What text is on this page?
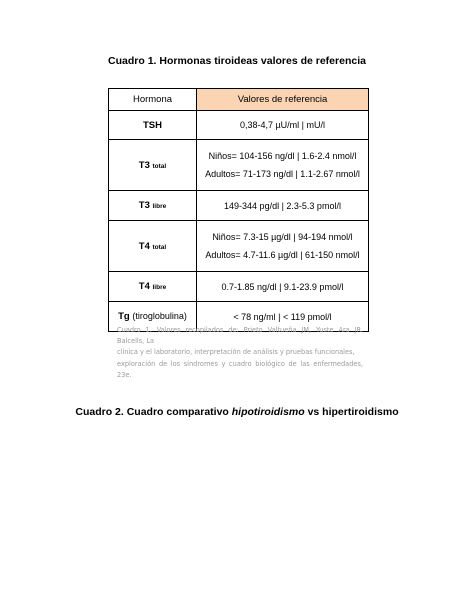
Cuadro 1. Hormonas tiroideas valores de referencia
Hormona	Valores de referencia
TSH	0,38-4,7 µU/ml | mU/l

T3 total	Niños= 104-156 ng/dl | 1.6-2.4 nmol/l
Adultos= 71-173 ng/dl | 1.1-2.67 nmol/l

T3 libre	149-344 pg/dl | 2.3-5.3 pmol/l

T4 total	Niños= 7.3-15 µg/dl | 94-194 nmol/l
Adultos= 4.7-11.6 µg/dl | 61-150 nmol/l

T4 libre	0.7-1.85 ng/dl | 9.1-23.9 pmol/l

Tg (tiroglobulina)	< 78 ng/ml | < 119 pmol/l
Cuadro 1. Valores recopilados de: Prieto Valtueña JM, Yuste Ara JR. Balcells, La
clínica y el laboratorio, interpretación de análisis y pruebas funcionales,
exploración de los síndromes y cuadro biológico de las enfermedades, 23e.
Cuadro 2. Cuadro comparativo hipotiroidismo vs hipertiroidismo
